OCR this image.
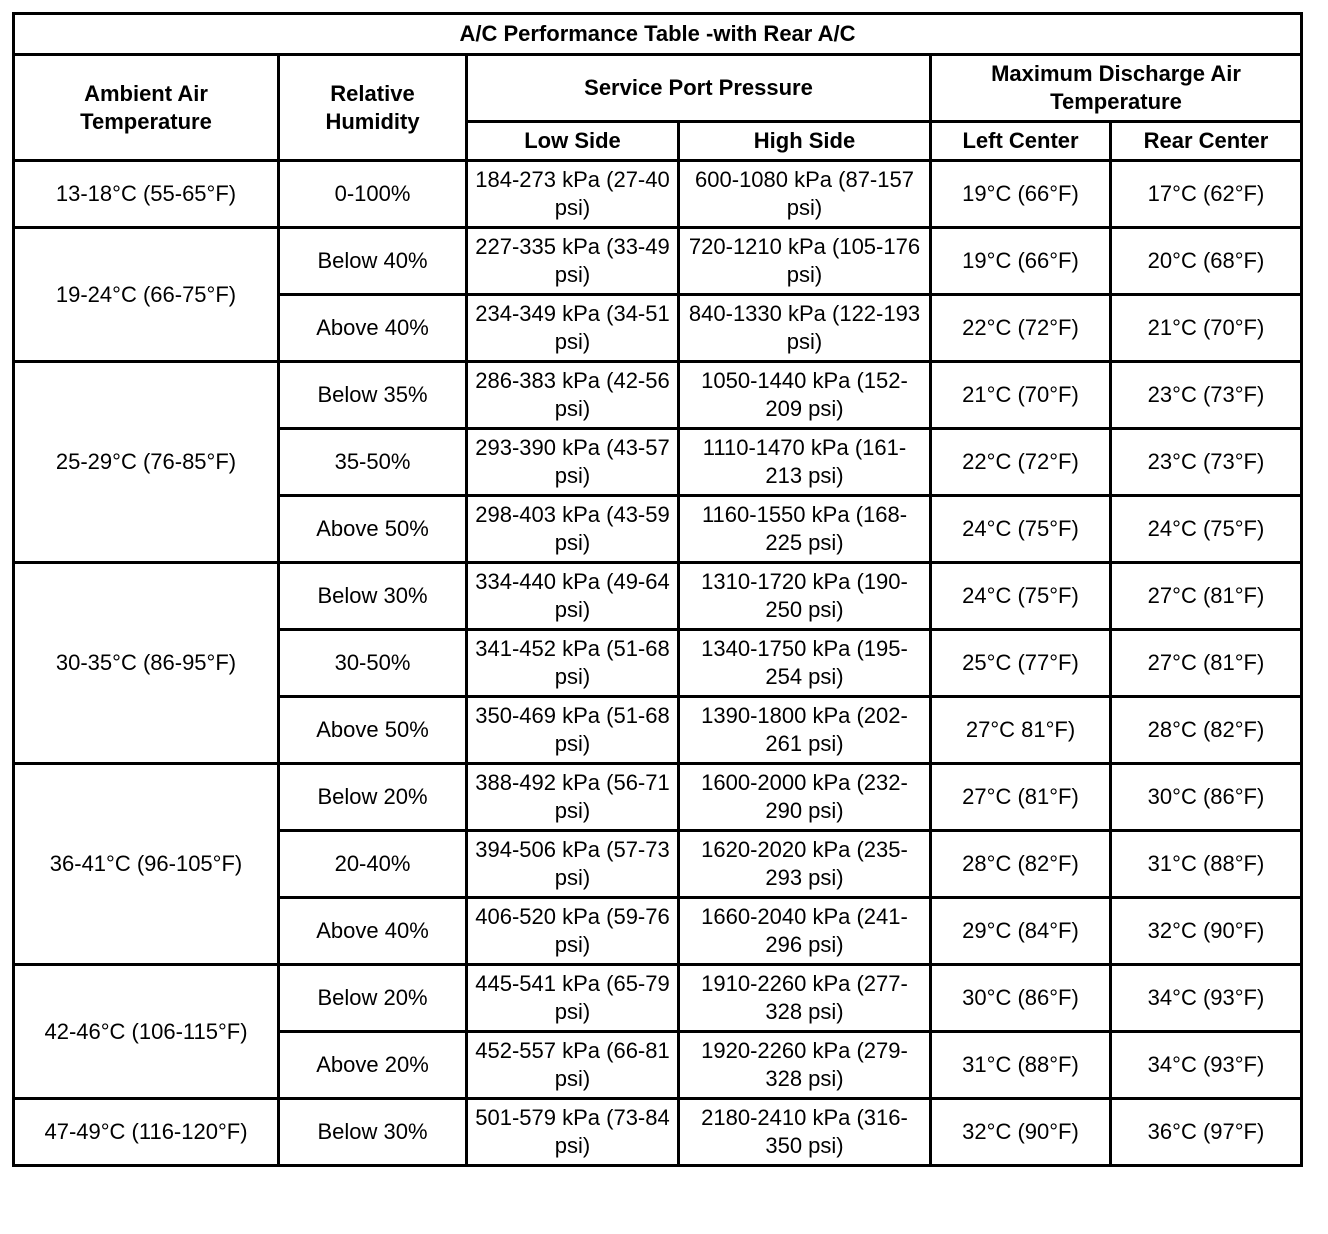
A/C Performance Table -with Rear A/C					
Ambient Air Temperature	Relative Humidity	Service Port Pressure		Maximum Discharge Air Temperature	
		Low Side	High Side	Left Center	Rear Center
13-18°C (55-65°F)	0-100%	184-273 kPa (27-40 psi)	600-1080 kPa (87-157 psi)	19°C (66°F)	17°C (62°F)
19-24°C (66-75°F)	Below 40%	227-335 kPa (33-49 psi)	720-1210 kPa (105-176 psi)	19°C (66°F)	20°C (68°F)
	Above 40%	234-349 kPa (34-51 psi)	840-1330 kPa (122-193 psi)	22°C (72°F)	21°C (70°F)
25-29°C (76-85°F)	Below 35%	286-383 kPa (42-56 psi)	1050-1440 kPa (152-209 psi)	21°C (70°F)	23°C (73°F)
	35-50%	293-390 kPa (43-57 psi)	1110-1470 kPa (161-213 psi)	22°C (72°F)	23°C (73°F)
	Above 50%	298-403 kPa (43-59 psi)	1160-1550 kPa (168-225 psi)	24°C (75°F)	24°C (75°F)
30-35°C (86-95°F)	Below 30%	334-440 kPa (49-64 psi)	1310-1720 kPa (190-250 psi)	24°C (75°F)	27°C (81°F)
	30-50%	341-452 kPa (51-68 psi)	1340-1750 kPa (195-254 psi)	25°C (77°F)	27°C (81°F)
	Above 50%	350-469 kPa (51-68 psi)	1390-1800 kPa (202-261 psi)	27°C 81°F)	28°C (82°F)
36-41°C (96-105°F)	Below 20%	388-492 kPa (56-71 psi)	1600-2000 kPa (232-290 psi)	27°C (81°F)	30°C (86°F)
	20-40%	394-506 kPa (57-73 psi)	1620-2020 kPa (235-293 psi)	28°C (82°F)	31°C (88°F)
	Above 40%	406-520 kPa (59-76 psi)	1660-2040 kPa (241-296 psi)	29°C (84°F)	32°C (90°F)
42-46°C (106-115°F)	Below 20%	445-541 kPa (65-79 psi)	1910-2260 kPa (277-328 psi)	30°C (86°F)	34°C (93°F)
	Above 20%	452-557 kPa (66-81 psi)	1920-2260 kPa (279-328 psi)	31°C (88°F)	34°C (93°F)
47-49°C (116-120°F)	Below 30%	501-579 kPa (73-84 psi)	2180-2410 kPa (316-350 psi)	32°C (90°F)	36°C (97°F)
